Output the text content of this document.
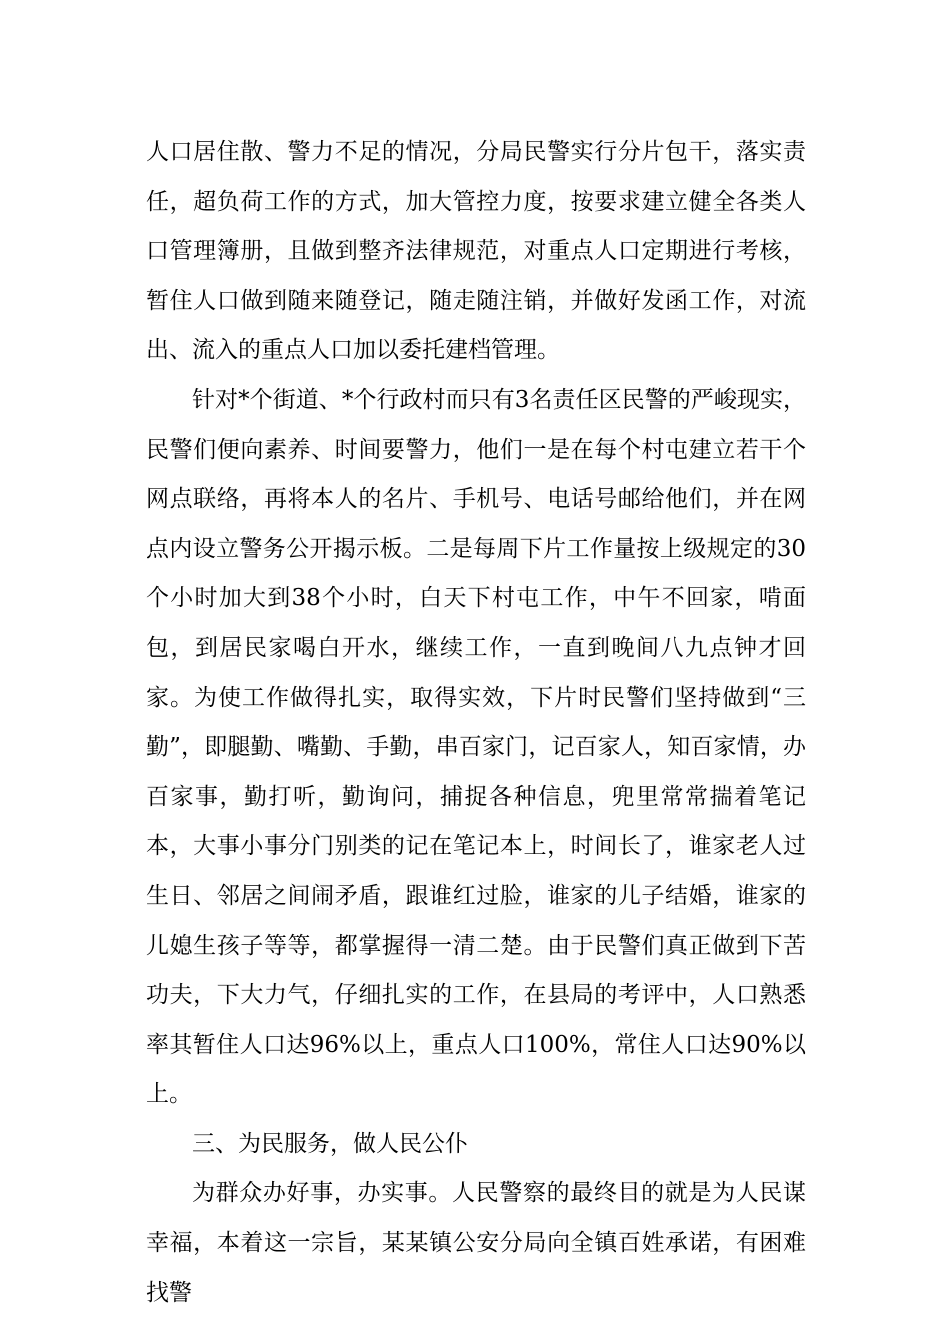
人口居住散、警力不足的情况，分局民警实行分片包干，落实责任，超负荷工作的方式，加大管控力度，按要求建立健全各类人口管理簿册，且做到整齐法律规范，对重点人口定期进行考核，暂住人口做到随来随登记，随走随注销，并做好发函工作，对流出、流入的重点人口加以委托建档管理。

针对*个街道、*个行政村而只有3名责任区民警的严峻现实，民警们便向素养、时间要警力，他们一是在每个村屯建立若干个网点联络，再将本人的名片、手机号、电话号邮给他们，并在网点内设立警务公开揭示板。二是每周下片工作量按上级规定的30个小时加大到38个小时，白天下村屯工作，中午不回家，啃面包，到居民家喝白开水，继续工作，一直到晚间八九点钟才回家。为使工作做得扎实，取得实效，下片时民警们坚持做到“三勤”，即腿勤、嘴勤、手勤，串百家门，记百家人，知百家情，办百家事，勤打听，勤询问，捕捉各种信息，兜里常常揣着笔记本，大事小事分门别类的记在笔记本上，时间长了，谁家老人过生日、邻居之间闹矛盾，跟谁红过脸，谁家的儿子结婚，谁家的儿媳生孩子等等，都掌握得一清二楚。由于民警们真正做到下苦功夫，下大力气，仔细扎实的工作，在县局的考评中，人口熟悉率其暂住人口达96%以上，重点人口100%，常住人口达90%以上。

三、为民服务，做人民公仆

为群众办好事，办实事。人民警察的最终目的就是为人民谋幸福，本着这一宗旨，某某镇公安分局向全镇百姓承诺，有困难找警
